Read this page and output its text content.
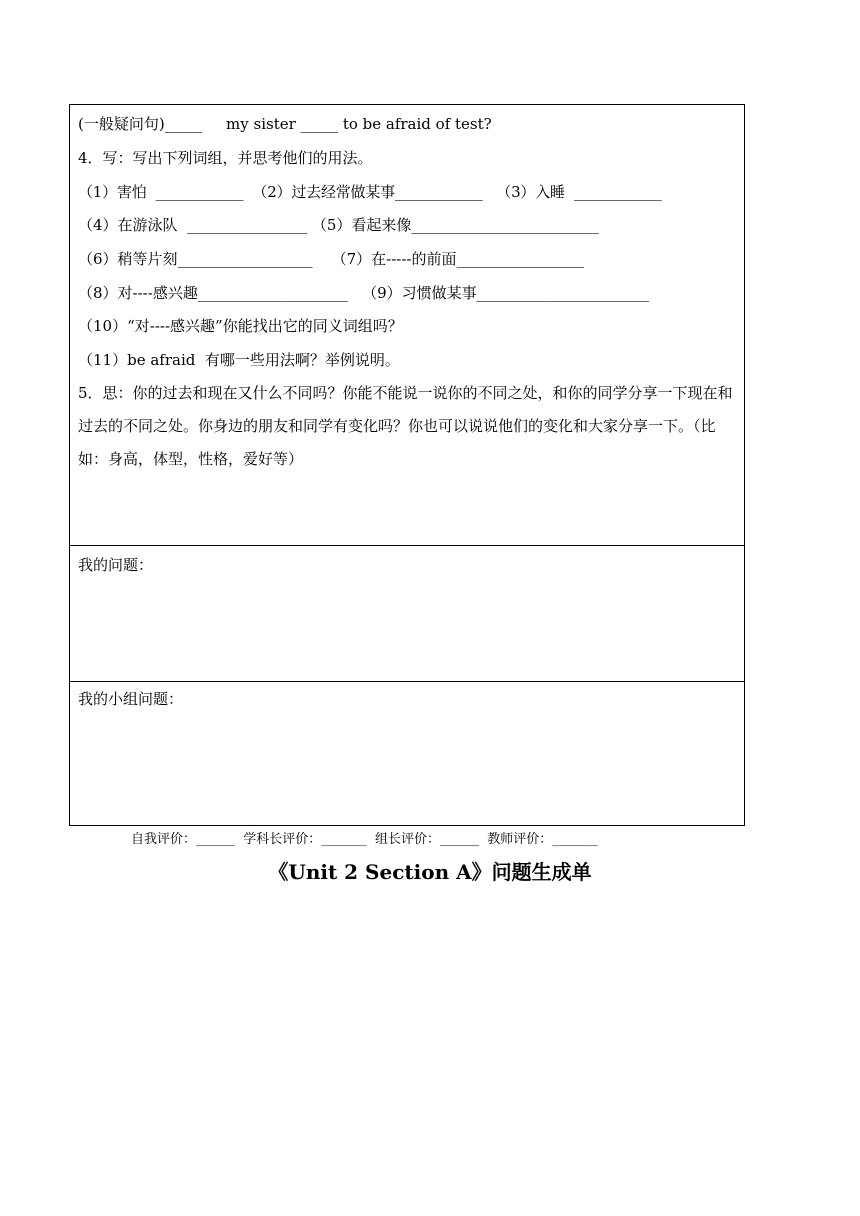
(一般疑问句)_____     my sister _____ to be afraid of test?
4．写：写出下列词组，并思考他们的用法。
（1）害怕  ____________  （2）过去经常做某事____________   （3）入睡  ____________
（4）在游泳队  ________________ （5）看起来像_________________________
（6）稍等片刻__________________    （7）在-----的前面_________________
（8）对----感兴趣____________________   （9）习惯做某事_______________________
（10）“对----感兴趣”你能找出它的同义词组吗？
（11）be afraid  有哪一些用法啊？举例说明。
5．思：你的过去和现在又什么不同吗？你能不能说一说你的不同之处，和你的同学分享一下现在和过去的不同之处。你身边的朋友和同学有变化吗？你也可以说说他们的变化和大家分享一下。（比如：身高，体型，性格，爱好等）
我的问题：
我的小组问题：
自我评价：______  学科长评价：_______  组长评价：______  教师评价：_______
《Unit 2 Section A》问题生成单
